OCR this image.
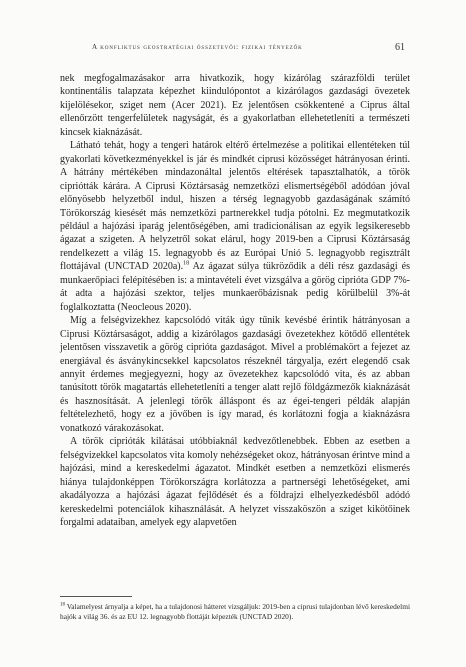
A konfliktus geostratégiai összetevői: fizikai tényezők	61

nek megfogalmazásakor arra hivatkozik, hogy kizárólag szárazföldi terület kontinentális talapzata képezhet kiindulópontot a kizárólagos gazdasági övezetek kijelölésekor, sziget nem (Acer 2021). Ez jelentősen csökkentené a Ciprus által ellenőrzött tengerfelületek nagyságát, és a gyakorlatban ellehetetleníti a természeti kincsek kiaknázását.

Látható tehát, hogy a tengeri határok eltérő értelmezése a politikai ellentéteken túl gyakorlati következményekkel is jár és mindkét ciprusi közösséget hátrányosan érinti. A hátrány mértékében mindazonáltal jelentős eltérések tapasztalhatók, a török cipriótták kárára. A Ciprusi Köztársaság nemzetközi elismertségéből adódóan jóval előnyösebb helyzetből indul, hiszen a térség legnagyobb gazdaságának számító Törökország kiesését más nemzetközi partnerekkel tudja pótolni. Ez megmutatkozik például a hajózási iparág jelentőségében, ami tradicionálisan az egyik legsikeresebb ágazat a szigeten. A helyzetről sokat elárul, hogy 2019-ben a Ciprusi Köztársaság rendelkezett a világ 15. legnagyobb és az Európai Unió 5. legnagyobb regisztrált flottájával (UNCTAD 2020a).$^{18}$ Az ágazat súlya tükröződik a déli rész gazdasági és munkaerőpiaci felépítésében is: a mintavételi évet vizsgálva a görög ciprióta GDP 7%-át adta a hajózási szektor, teljes munkaerőbázisnak pedig körülbelül 3%-át foglalkoztatta (Neocleous 2020).

Míg a felségvizekhez kapcsolódó viták úgy tűnik kevésbé érintik hátrányosan a Ciprusi Köztársaságot, addig a kizárólagos gazdasági övezetekhez kötődő ellentétek jelentősen visszavetik a görög ciprióta gazdaságot. Mivel a problémakört a fejezet az energiával és ásványkincsekkel kapcsolatos részeknél tárgyalja, ezért elegendő csak annyit érdemes megjegyezni, hogy az övezetekhez kapcsolódó vita, és az abban tanúsított török magatartás ellehetetleníti a tenger alatt rejlő földgázmezők kiaknázását és hasznosítását. A jelenlegi török álláspont és az égei-tengeri példák alapján feltételezhető, hogy ez a jövőben is így marad, és korlátozni fogja a kiaknázásra vonatkozó várakozásokat.

A török ciprióták kilátásai utóbbiaknál kedvezőtlenebbek. Ebben az esetben a felségvizekkel kapcsolatos vita komoly nehézségeket okoz, hátrányosan érintve mind a hajózási, mind a kereskedelmi ágazatot. Mindkét esetben a nemzetközi elismerés hiánya tulajdonképpen Törökországra korlátozza a partnerségi lehetőségeket, ami akadályozza a hajózási ágazat fejlődését és a földrajzi elhelyezkedésből adódó kereskedelmi potenciálok kihasználását. A helyzet visszaköszön a sziget kikötőinek forgalmi adataiban, amelyek egy alapvetően

$^{18}$ Valamelyest árnyalja a képet, ha a tulajdonosi hátteret vizsgáljuk: 2019-ben a ciprusi tulajdonban lévő kereskedelmi hajók a világ 36. és az EU 12. legnagyobb flottáját képezték (UNCTAD 2020).
